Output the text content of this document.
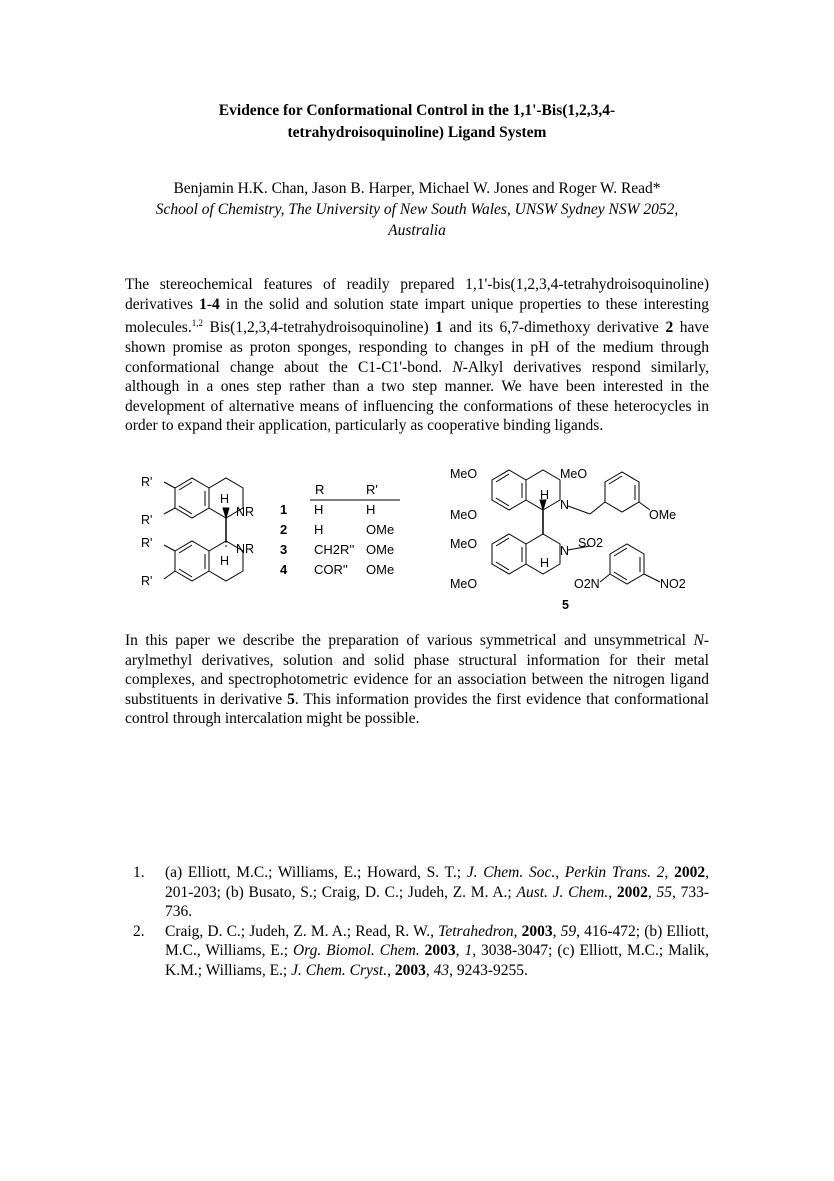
Evidence for Conformational Control in the 1,1'-Bis(1,2,3,4-
tetrahydroisoquinoline) Ligand System
Benjamin H.K. Chan, Jason B. Harper, Michael W. Jones and Roger W. Read*
School of Chemistry, The University of New South Wales, UNSW Sydney NSW 2052,
Australia
The stereochemical features of readily prepared 1,1'-bis(1,2,3,4-tetrahydroisoquinoline) derivatives 1-4 in the solid and solution state impart unique properties to these interesting molecules.$^{1,2}$ Bis(1,2,3,4-tetrahydroisoquinoline) 1 and its 6,7-dimethoxy derivative 2 have shown promise as proton sponges, responding to changes in pH of the medium through conformational change about the C1-C1'-bond. N-Alkyl derivatives respond similarly, although in a ones step rather than a two step manner. We have been interested in the development of alternative means of influencing the conformations of these heterocycles in order to expand their application, particularly as cooperative binding ligands.
R'
R'
R'
R'
H
H
NR
NR
R	R'
1 H	H
2 H	OMe
3 CH2R'' OMe
4 COR'' OMe
MeO
MeO
MeO
MeO
MeO
OMe
N
N
H
H
SO2
O2N	NO2
5
In this paper we describe the preparation of various symmetrical and unsymmetrical N-arylmethyl derivatives, solution and solid phase structural information for their metal complexes, and spectrophotometric evidence for an association between the nitrogen ligand substituents in derivative 5. This information provides the first evidence that conformational control through intercalation might be possible.
1.	(a) Elliott, M.C.; Williams, E.; Howard, S. T.; J. Chem. Soc., Perkin Trans. 2, 2002, 201-203; (b) Busato, S.; Craig, D. C.; Judeh, Z. M. A.; Aust. J. Chem., 2002, 55, 733-736.
2.	Craig, D. C.; Judeh, Z. M. A.; Read, R. W., Tetrahedron, 2003, 59, 416-472; (b) Elliott, M.C., Williams, E.; Org. Biomol. Chem. 2003, 1, 3038-3047; (c) Elliott, M.C.; Malik, K.M.; Williams, E.; J. Chem. Cryst., 2003, 43, 9243-9255.
